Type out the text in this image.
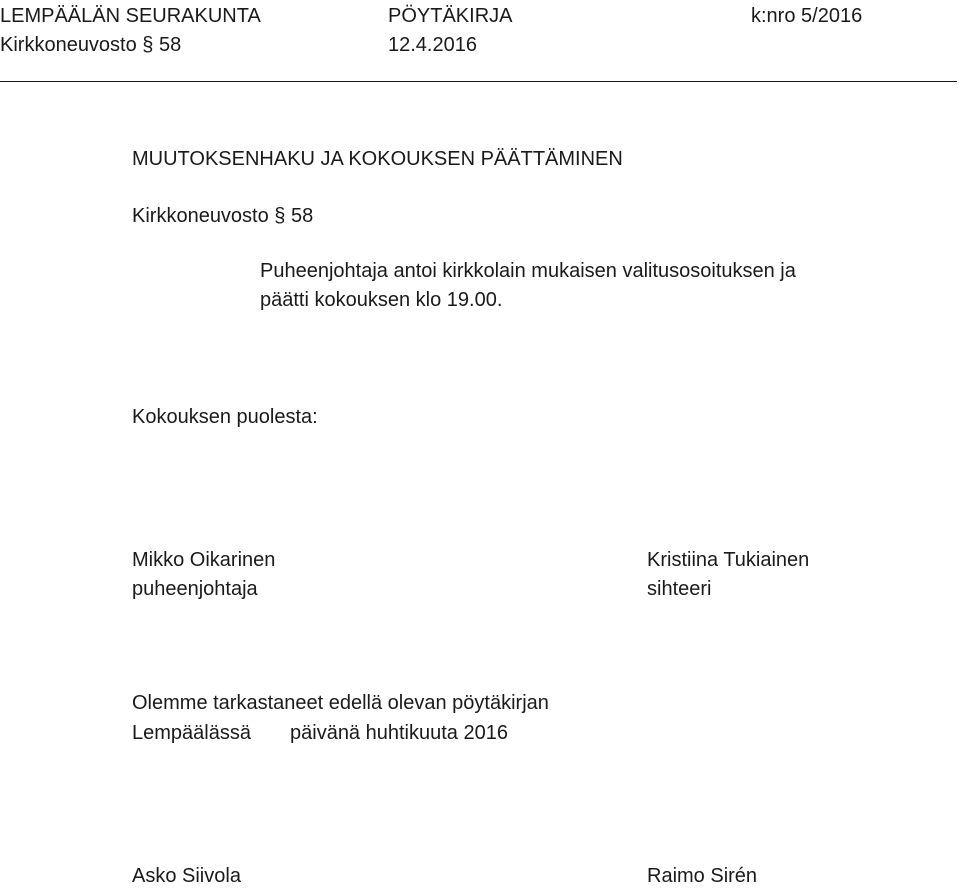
LEMPÄÄLÄN SEURAKUNTA	PÖYTÄKIRJA	k:nro 5/2016
Kirkkoneuvosto § 58	12.4.2016
MUUTOKSENHAKU JA KOKOUKSEN PÄÄTTÄMINEN
Kirkkoneuvosto § 58
Puheenjohtaja antoi kirkkolain mukaisen valitusosoituksen ja
päätti kokouksen klo 19.00.
Kokouksen puolesta:
Mikko Oikarinen
puheenjohtaja
Kristiina Tukiainen
sihteeri
Olemme tarkastaneet edellä olevan pöytäkirjan
Lempäälässä päivänä huhtikuuta 2016
Asko Siivola	Raimo Sirén
